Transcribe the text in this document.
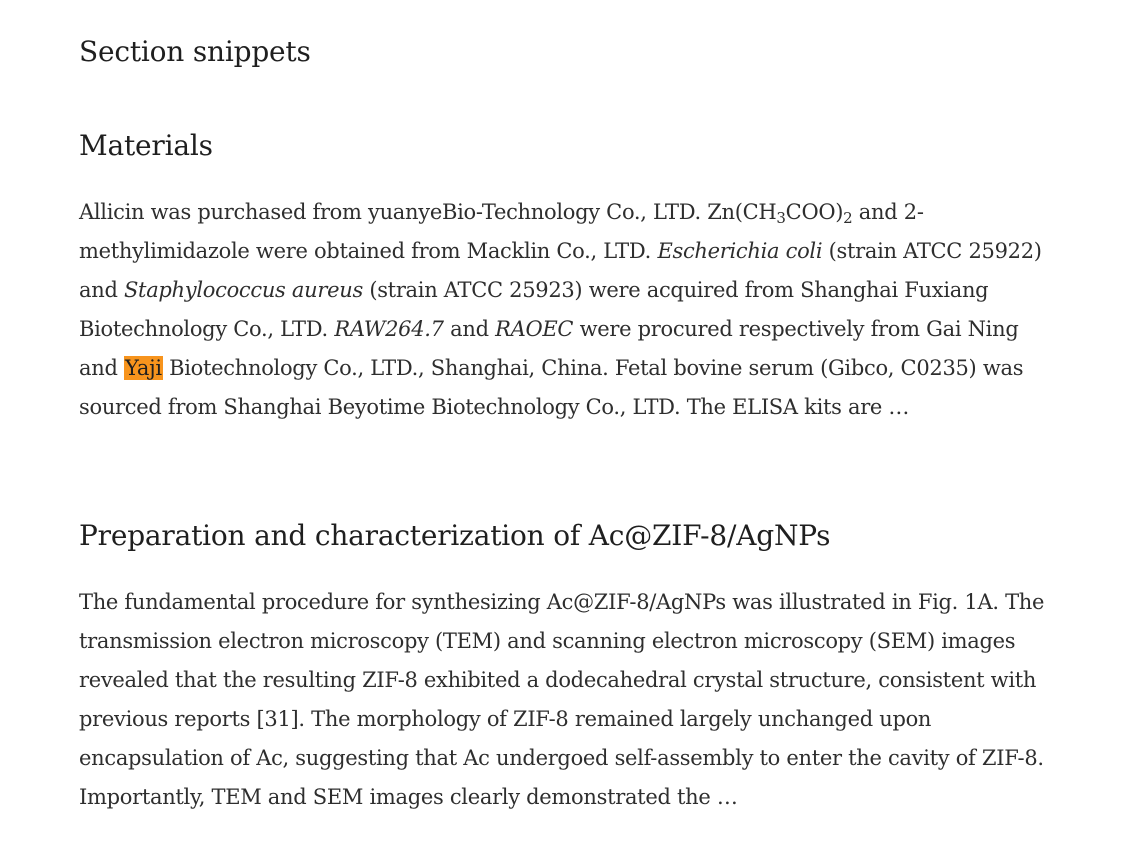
Section snippets
Materials

Allicin was purchased from yuanyeBio-Technology Co., LTD. $Zn(CH_3COO)_2$ and 2-methylimidazole were obtained from Macklin Co., LTD. Escherichia coli (strain ATCC 25922) and Staphylococcus aureus (strain ATCC 25923) were acquired from Shanghai Fuxiang Biotechnology Co., LTD. RAW264.7 and RAOEC were procured respectively from Gai Ning and Yaji Biotechnology Co., LTD., Shanghai, China. Fetal bovine serum (Gibco, C0235) was sourced from Shanghai Beyotime Biotechnology Co., LTD. The ELISA kits are …

Preparation and characterization of Ac@ZIF-8/AgNPs

The fundamental procedure for synthesizing Ac@ZIF-8/AgNPs was illustrated in Fig. 1A. The transmission electron microscopy (TEM) and scanning electron microscopy (SEM) images revealed that the resulting ZIF-8 exhibited a dodecahedral crystal structure, consistent with previous reports [31]. The morphology of ZIF-8 remained largely unchanged upon encapsulation of Ac, suggesting that Ac undergoed self-assembly to enter the cavity of ZIF-8. Importantly, TEM and SEM images clearly demonstrated the …
